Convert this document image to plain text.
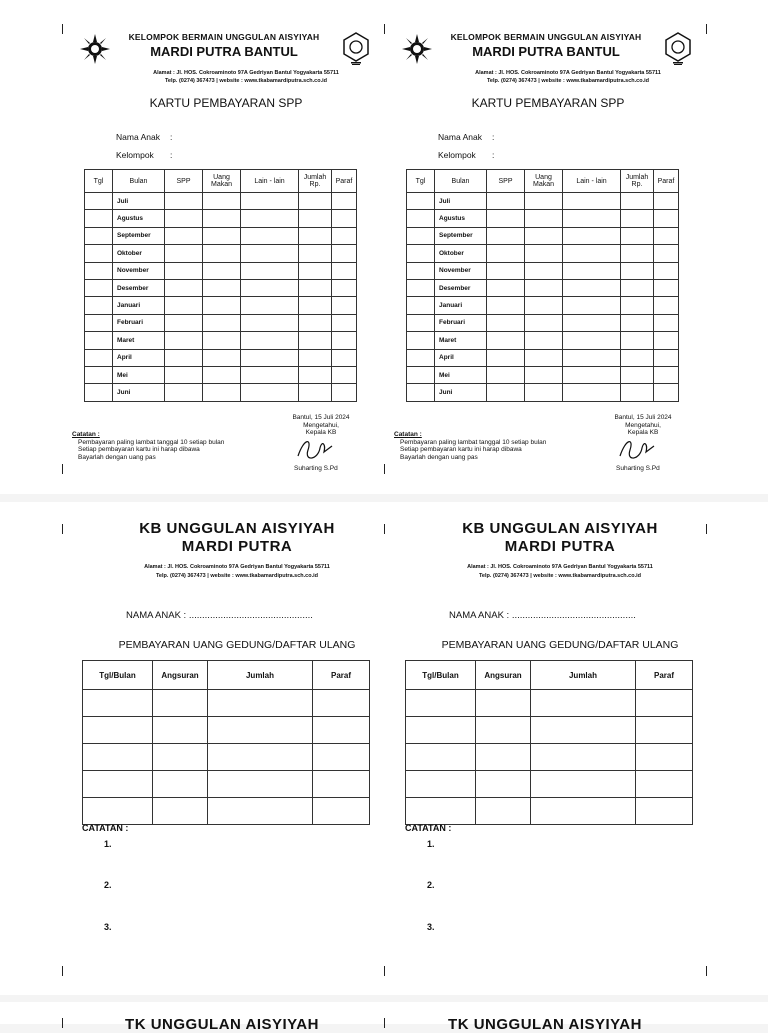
KELOMPOK BERMAIN UNGGULAN AISYIYAH
MARDI PUTRA BANTUL
Alamat : Jl. HOS. Cokroaminoto 97A Gedriyan Bantul Yogyakarta 55711
Telp. (0274) 367473 | website : www.tkabamardiputra.sch.co.id
KARTU PEMBAYARAN SPP
Nama Anak :
Kelompok :
Tgl	Bulan	SPP	Uang Makan	Lain - lain	Jumlah Rp.	Paraf
	Juli					
	Agustus					
	September					
	Oktober					
	November					
	Desember					
	Januari					
	Februari					
	Maret					
	April					
	Mei					
	Juni					
Bantul, 15 Juli 2024
Mengetahui,
Kepala KB
Suharting S.Pd
Catatan :
Pembayaran paling lambat tanggal 10 setiap bulan
Setiap pembayaran kartu ini harap dibawa
Bayarlah dengan uang pas
KELOMPOK BERMAIN UNGGULAN AISYIYAH
MARDI PUTRA BANTUL
Alamat : Jl. HOS. Cokroaminoto 97A Gedriyan Bantul Yogyakarta 55711
Telp. (0274) 367473 | website : www.tkabamardiputra.sch.co.id
KARTU PEMBAYARAN SPP
Nama Anak :
Kelompok :
Tgl	Bulan	SPP	Uang Makan	Lain - lain	Jumlah Rp.	Paraf
	Juli					
	Agustus					
	September					
	Oktober					
	November					
	Desember					
	Januari					
	Februari					
	Maret					
	April					
	Mei					
	Juni					
Bantul, 15 Juli 2024
Mengetahui,
Kepala KB
Suharting S.Pd
Catatan :
Pembayaran paling lambat tanggal 10 setiap bulan
Setiap pembayaran kartu ini harap dibawa
Bayarlah dengan uang pas
KB UNGGULAN AISYIYAH
MARDI PUTRA
Alamat : Jl. HOS. Cokroaminoto 97A Gedriyan Bantul Yogyakarta 55711
Telp. (0274) 367473 | website : www.tkabamardiputra.sch.co.id
NAMA ANAK : ...............................................
PEMBAYARAN UANG GEDUNG/DAFTAR ULANG
Tgl/Bulan	Angsuran	Jumlah	Paraf

CATATAN :
1.
2.
3.
KB UNGGULAN AISYIYAH
MARDI PUTRA
Alamat : Jl. HOS. Cokroaminoto 97A Gedriyan Bantul Yogyakarta 55711
Telp. (0274) 367473 | website : www.tkabamardiputra.sch.co.id
NAMA ANAK : ...............................................
PEMBAYARAN UANG GEDUNG/DAFTAR ULANG
Tgl/Bulan	Angsuran	Jumlah	Paraf

CATATAN :
1.
2.
3.
TK UNGGULAN AISYIYAH	TK UNGGULAN AISYIYAH
